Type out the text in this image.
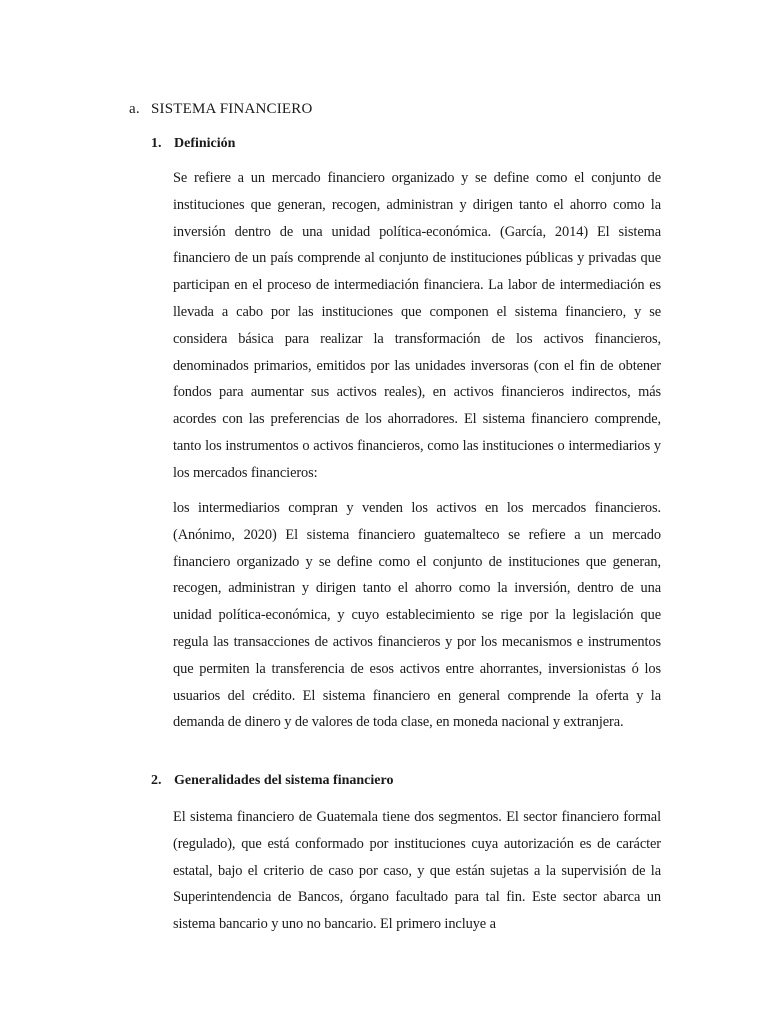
a. SISTEMA FINANCIERO
1. Definición

Se refiere a un mercado financiero organizado y se define como el conjunto de instituciones que generan, recogen, administran y dirigen tanto el ahorro como la inversión dentro de una unidad política-económica. (García, 2014) El sistema financiero de un país comprende al conjunto de instituciones públicas y privadas que participan en el proceso de intermediación financiera. La labor de intermediación es llevada a cabo por las instituciones que componen el sistema financiero, y se considera básica para realizar la transformación de los activos financieros, denominados primarios, emitidos por las unidades inversoras (con el fin de obtener fondos para aumentar sus activos reales), en activos financieros indirectos, más acordes con las preferencias de los ahorradores. El sistema financiero comprende, tanto los instrumentos o activos financieros, como las instituciones o intermediarios y los mercados financieros:

los intermediarios compran y venden los activos en los mercados financieros. (Anónimo, 2020) El sistema financiero guatemalteco se refiere a un mercado financiero organizado y se define como el conjunto de instituciones que generan, recogen, administran y dirigen tanto el ahorro como la inversión, dentro de una unidad política-económica, y cuyo establecimiento se rige por la legislación que regula las transacciones de activos financieros y por los mecanismos e instrumentos que permiten la transferencia de esos activos entre ahorrantes, inversionistas ó los usuarios del crédito. El sistema financiero en general comprende la oferta y la demanda de dinero y de valores de toda clase, en moneda nacional y extranjera.

2. Generalidades del sistema financiero

El sistema financiero de Guatemala tiene dos segmentos. El sector financiero formal (regulado), que está conformado por instituciones cuya autorización es de carácter estatal, bajo el criterio de caso por caso, y que están sujetas a la supervisión de la Superintendencia de Bancos, órgano facultado para tal fin. Este sector abarca un sistema bancario y uno no bancario. El primero incluye a
